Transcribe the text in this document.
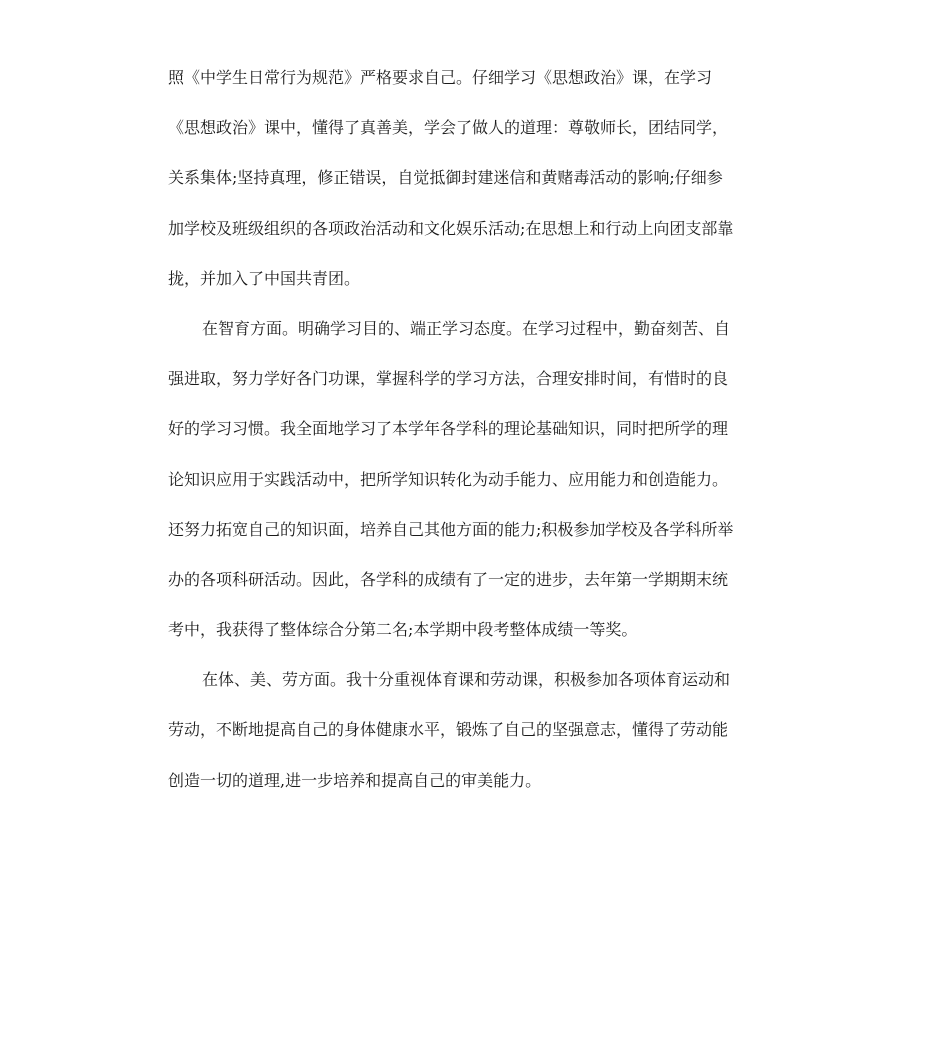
照《中学生日常行为规范》严格要求自己。仔细学习《思想政治》课，在学习
《思想政治》课中，懂得了真善美，学会了做人的道理：尊敬师长，团结同学，
关系集体;坚持真理，修正错误，自觉抵御封建迷信和黄赌毒活动的影响;仔细参
加学校及班级组织的各项政治活动和文化娱乐活动;在思想上和行动上向团支部靠
拢，并加入了中国共青团。
在智育方面。明确学习目的、端正学习态度。在学习过程中，勤奋刻苦、自
强进取，努力学好各门功课，掌握科学的学习方法，合理安排时间，有惜时的良
好的学习习惯。我全面地学习了本学年各学科的理论基础知识，同时把所学的理
论知识应用于实践活动中，把所学知识转化为动手能力、应用能力和创造能力。
还努力拓宽自己的知识面，培养自己其他方面的能力;积极参加学校及各学科所举
办的各项科研活动。因此，各学科的成绩有了一定的进步，去年第一学期期末统
考中，我获得了整体综合分第二名;本学期中段考整体成绩一等奖。
在体、美、劳方面。我十分重视体育课和劳动课，积极参加各项体育运动和
劳动，不断地提高自己的身体健康水平，锻炼了自己的坚强意志，懂得了劳动能
创造一切的道理,进一步培养和提高自己的审美能力。
